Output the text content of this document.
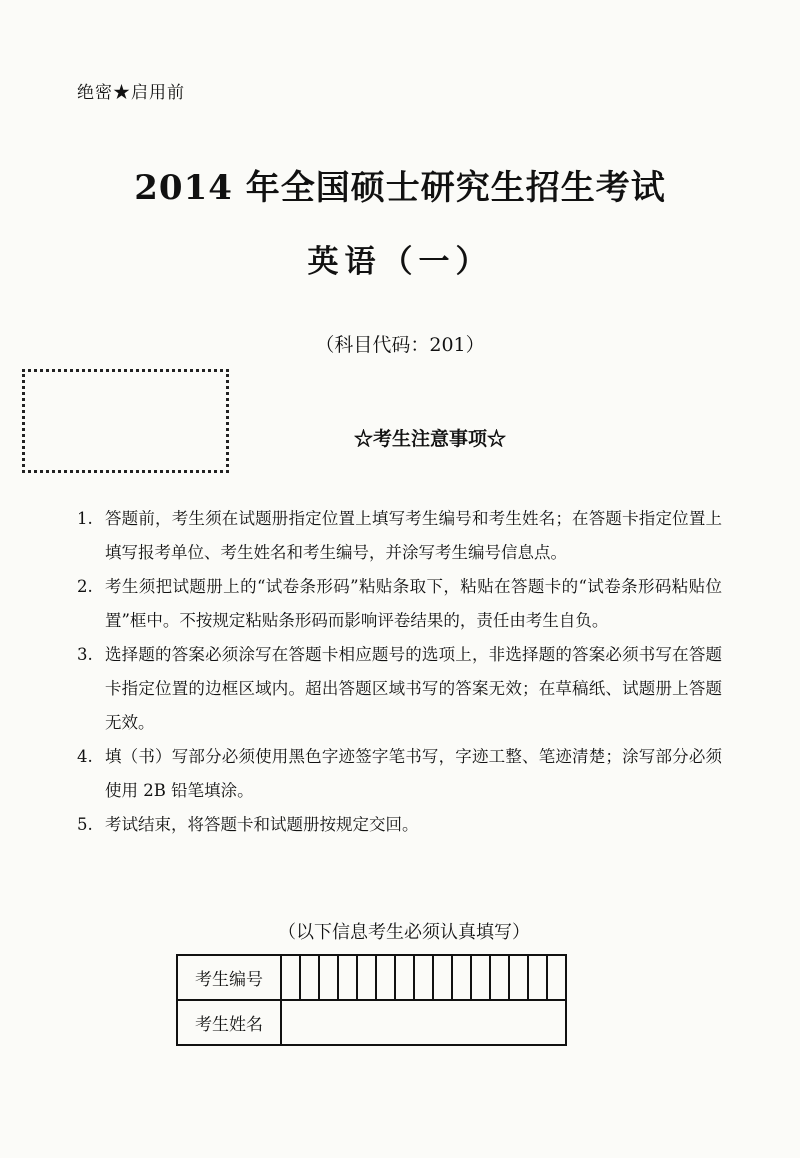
绝密★启用前
2014 年全国硕士研究生招生考试
英语（一）
（科目代码：201）
☆考生注意事项☆
1. 答题前，考生须在试题册指定位置上填写考生编号和考生姓名；在答题卡指定位置上填写报考单位、考生姓名和考生编号，并涂写考生编号信息点。
2. 考生须把试题册上的“试卷条形码”粘贴条取下，粘贴在答题卡的“试卷条形码粘贴位置”框中。不按规定粘贴条形码而影响评卷结果的，责任由考生自负。
3. 选择题的答案必须涂写在答题卡相应题号的选项上，非选择题的答案必须书写在答题卡指定位置的边框区域内。超出答题区域书写的答案无效；在草稿纸、试题册上答题无效。
4. 填（书）写部分必须使用黑色字迹签字笔书写，字迹工整、笔迹清楚；涂写部分必须使用 2B 铅笔填涂。
5. 考试结束，将答题卡和试题册按规定交回。
（以下信息考生必须认真填写）
考生编号															
考生姓名															
